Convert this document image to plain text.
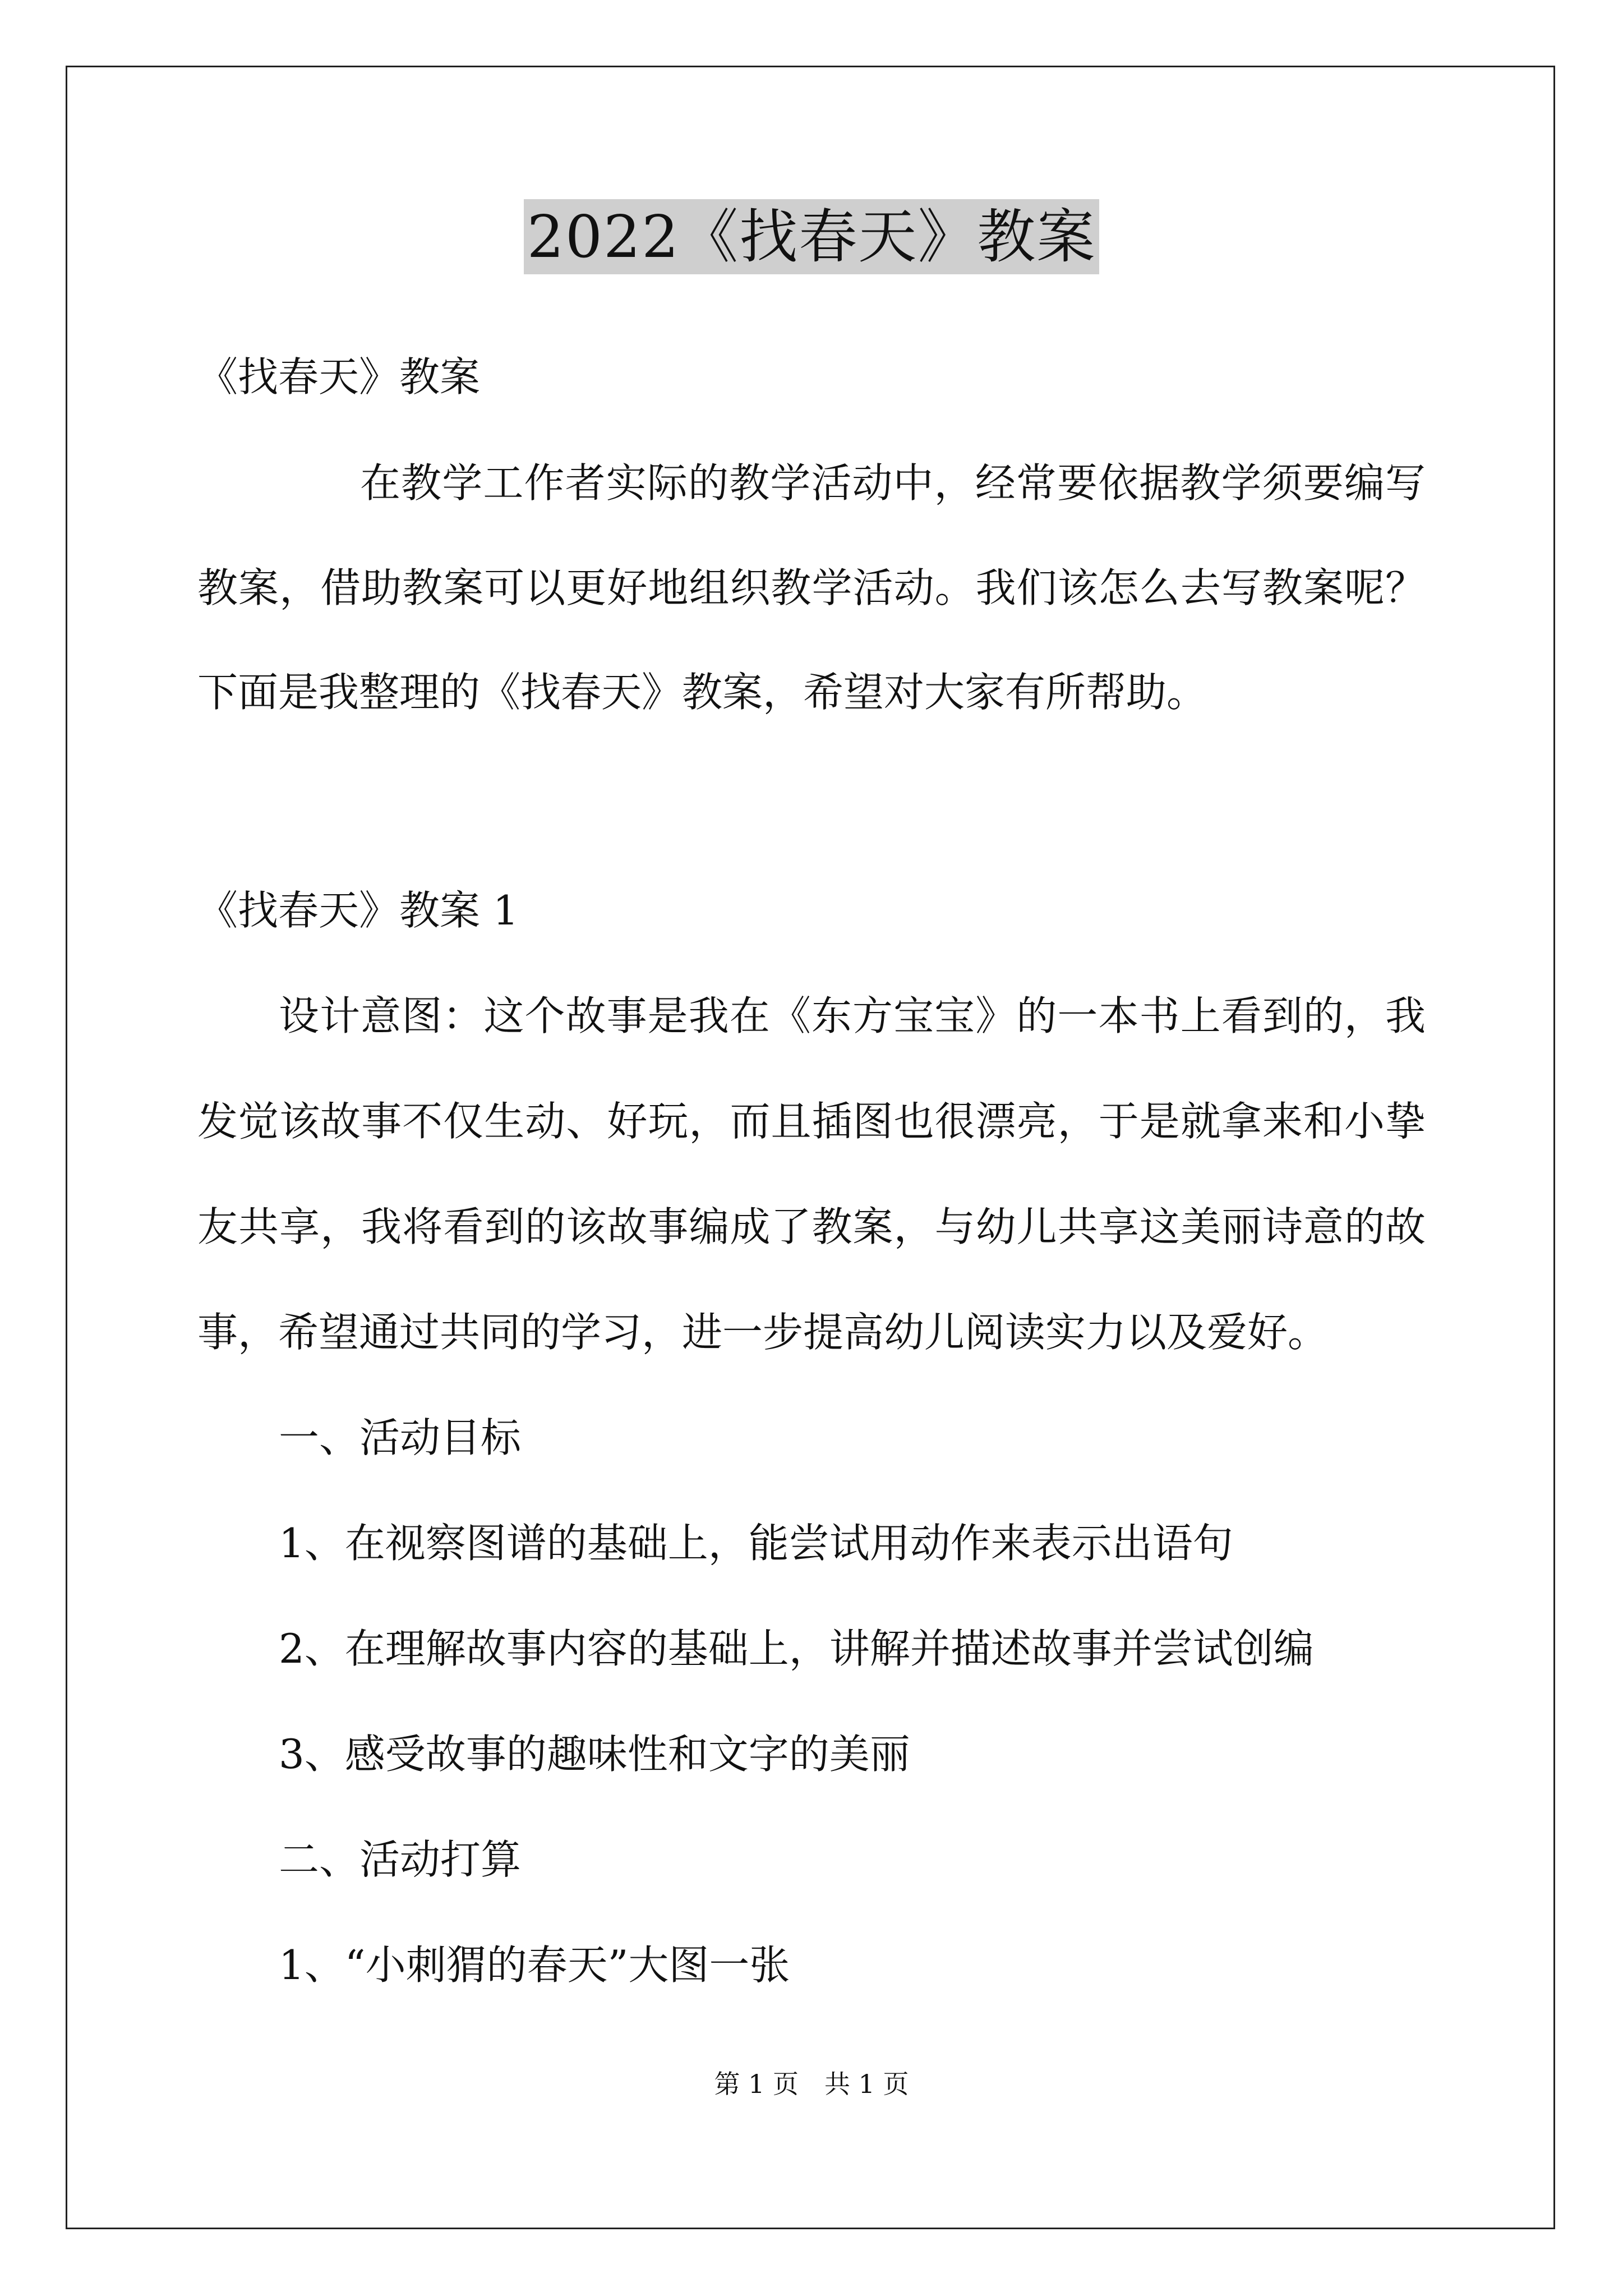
2022《找春天》教案
《找春天》教案
在教学工作者实际的教学活动中，经常要依据教学须要编写
教案，借助教案可以更好地组织教学活动。我们该怎么去写教案呢？
下面是我整理的《找春天》教案，希望对大家有所帮助。
《找春天》教案 1
设计意图：这个故事是我在《东方宝宝》的一本书上看到的，我
发觉该故事不仅生动、好玩，而且插图也很漂亮，于是就拿来和小挚
友共享，我将看到的该故事编成了教案，与幼儿共享这美丽诗意的故
事，希望通过共同的学习，进一步提高幼儿阅读实力以及爱好。
一、活动目标
1、在视察图谱的基础上，能尝试用动作来表示出语句
2、在理解故事内容的基础上，讲解并描述故事并尝试创编
3、感受故事的趣味性和文字的美丽
二、活动打算
1、“小刺猬的春天”大图一张
第 1 页　共 1 页
